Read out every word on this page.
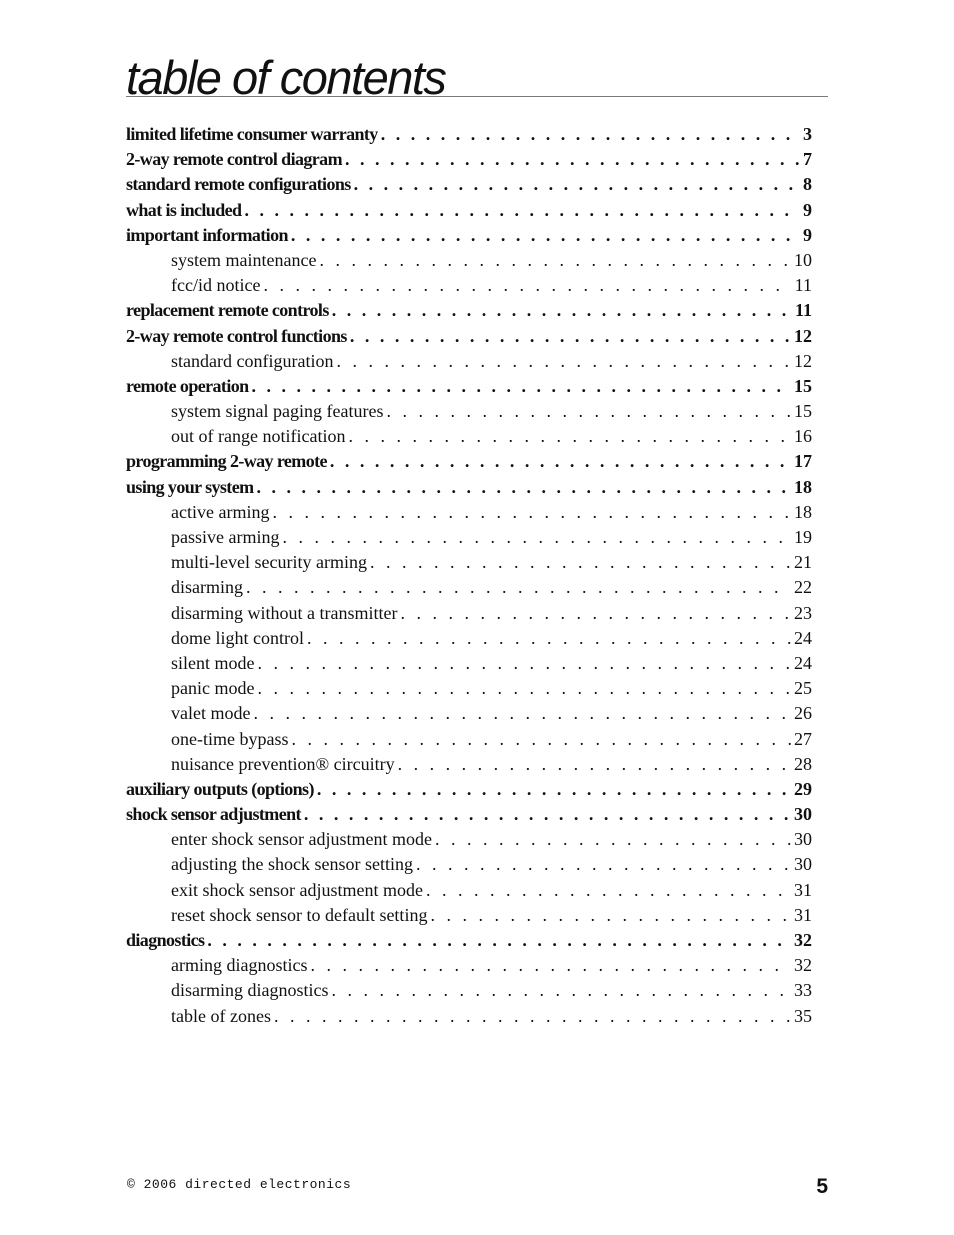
table of contents
limited lifetime consumer warranty . . .	3
2-way remote control diagram . . .	7
standard remote configurations . . .	8
what is included . . .	9
important information . . .	9
system maintenance . . .	10
fcc/id notice . . .	11
replacement remote controls . . .	11
2-way remote control functions . . .	12
standard configuration . . .	12
remote operation . . .	15
system signal paging features . . .	15
out of range notification . . .	16
programming 2-way remote . . .	17
using your system . . .	18
active arming . . .	18
passive arming . . .	19
multi-level security arming . . .	21
disarming . . .	22
disarming without a transmitter . . .	23
dome light control . . .	24
silent mode . . .	24
panic mode . . .	25
valet mode . . .	26
one-time bypass . . .	27
nuisance prevention® circuitry . . .	28
auxiliary outputs (options) . . .	29
shock sensor adjustment . . .	30
enter shock sensor adjustment mode . . .	30
adjusting the shock sensor setting . . .	30
exit shock sensor adjustment mode . . .	31
reset shock sensor to default setting . . .	31
diagnostics . . .	32
arming diagnostics . . .	32
disarming diagnostics . . .	33
table of zones . . .	35
© 2006 directed electronics	5
